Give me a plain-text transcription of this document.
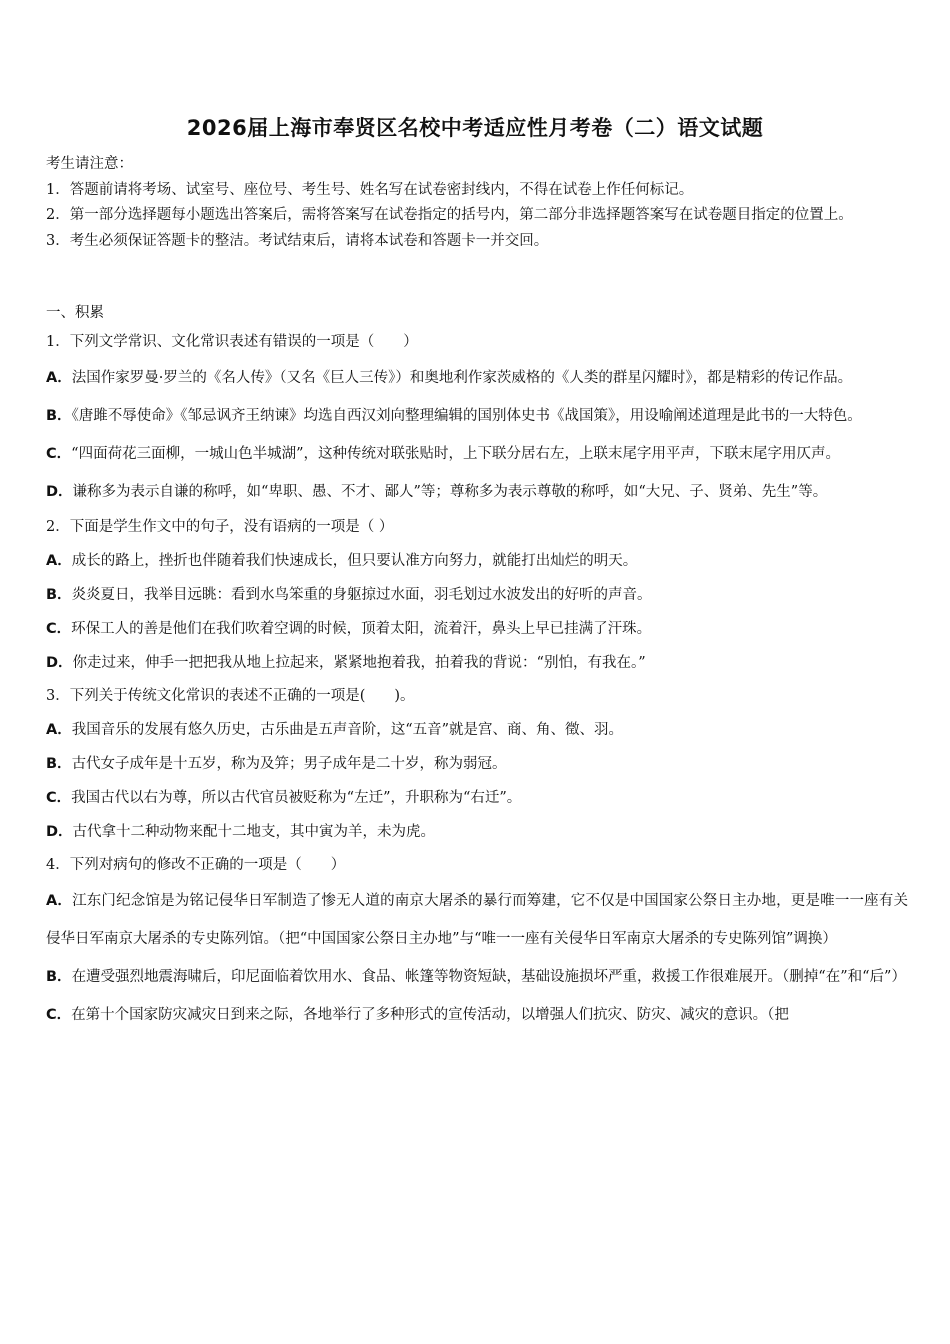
2026届上海市奉贤区名校中考适应性月考卷（二）语文试题

考生请注意：

1．答题前请将考场、试室号、座位号、考生号、姓名写在试卷密封线内，不得在试卷上作任何标记。

2．第一部分选择题每小题选出答案后，需将答案写在试卷指定的括号内，第二部分非选择题答案写在试卷题目指定的位置上。

3．考生必须保证答题卡的整洁。考试结束后，请将本试卷和答题卡一并交回。

一、积累

1．下列文学常识、文化常识表述有错误的一项是（　　）

A．法国作家罗曼·罗兰的《名人传》（又名《巨人三传》）和奥地利作家茨威格的《人类的群星闪耀时》，都是精彩的传记作品。

B．《唐雎不辱使命》《邹忌讽齐王纳谏》均选自西汉刘向整理编辑的国别体史书《战国策》，用设喻阐述道理是此书的一大特色。

C．“四面荷花三面柳，一城山色半城湖”，这种传统对联张贴时，上下联分居右左，上联末尾字用平声，下联末尾字用仄声。

D．谦称多为表示自谦的称呼，如“卑职、愚、不才、鄙人”等；尊称多为表示尊敬的称呼，如“大兄、子、贤弟、先生”等。

2．下面是学生作文中的句子，没有语病的一项是（ ）

A．成长的路上，挫折也伴随着我们快速成长，但只要认准方向努力，就能打出灿烂的明天。

B．炎炎夏日，我举目远眺：看到水鸟笨重的身躯掠过水面，羽毛划过水波发出的好听的声音。

C．环保工人的善是他们在我们吹着空调的时候，顶着太阳，流着汗，鼻头上早已挂满了汗珠。

D．你走过来，伸手一把把我从地上拉起来，紧紧地抱着我，拍着我的背说：“别怕，有我在。”

3．下列关于传统文化常识的表述不正确的一项是(　　)。

A．我国音乐的发展有悠久历史，古乐曲是五声音阶，这“五音”就是宫、商、角、徵、羽。

B．古代女子成年是十五岁，称为及笄；男子成年是二十岁，称为弱冠。

C．我国古代以右为尊，所以古代官员被贬称为“左迁”，升职称为“右迁”。

D．古代拿十二种动物来配十二地支，其中寅为羊，未为虎。

4．下列对病句的修改不正确的一项是（　　）

A．江东门纪念馆是为铭记侵华日军制造了惨无人道的南京大屠杀的暴行而筹建，它不仅是中国国家公祭日主办地，更是唯一一座有关侵华日军南京大屠杀的专史陈列馆。（把“中国国家公祭日主办地”与“唯一一座有关侵华日军南京大屠杀的专史陈列馆”调换）

B．在遭受强烈地震海啸后，印尼面临着饮用水、食品、帐篷等物资短缺，基础设施损坏严重，救援工作很难展开。（删掉“在”和“后”）

C．在第十个国家防灾减灾日到来之际，各地举行了多种形式的宣传活动，以增强人们抗灾、防灾、减灾的意识。（把
